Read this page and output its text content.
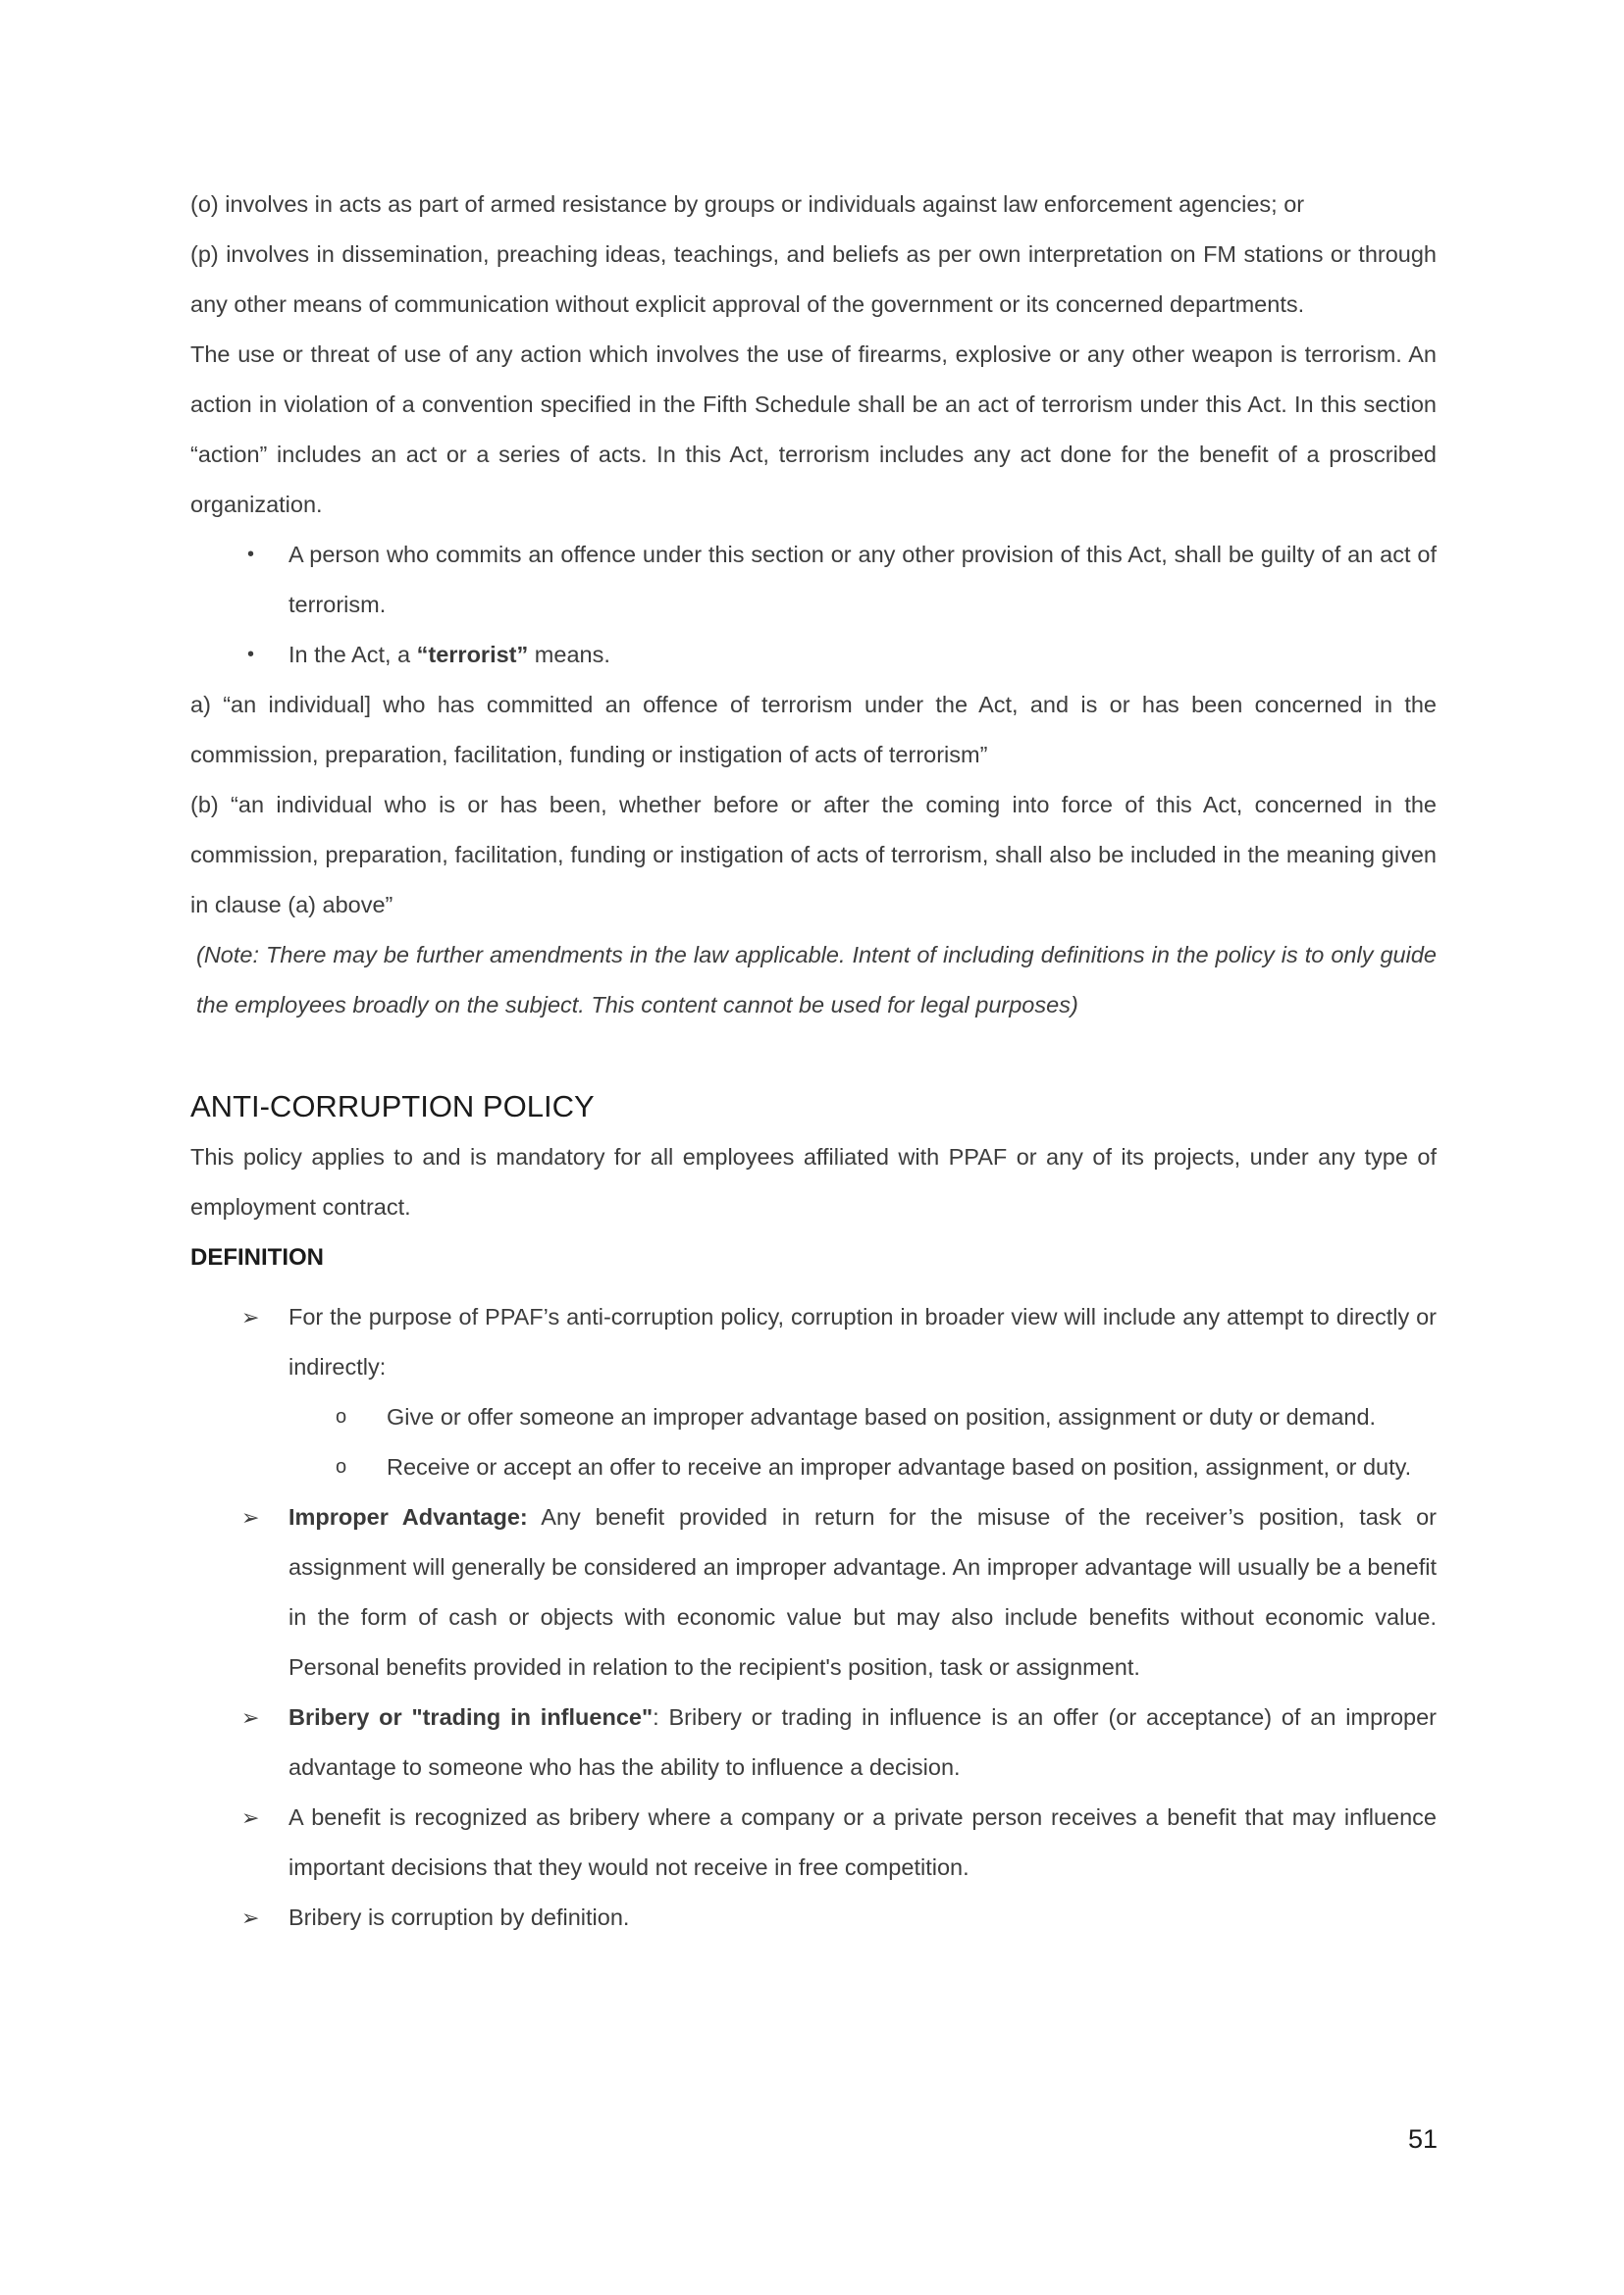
(o) involves in acts as part of armed resistance by groups or individuals against law enforcement agencies; or

(p) involves in dissemination, preaching ideas, teachings, and beliefs as per own interpretation on FM stations or through any other means of communication without explicit approval of the government or its concerned departments.

The use or threat of use of any action which involves the use of firearms, explosive or any other weapon is terrorism. An action in violation of a convention specified in the Fifth Schedule shall be an act of terrorism under this Act. In this section “action” includes an act or a series of acts. In this Act, terrorism includes any act done for the benefit of a proscribed organization.

• A person who commits an offence under this section or any other provision of this Act, shall be guilty of an act of terrorism.

• In the Act, a “terrorist” means.

a) “an individual] who has committed an offence of terrorism under the Act, and is or has been concerned in the commission, preparation, facilitation, funding or instigation of acts of terrorism”

(b) “an individual who is or has been, whether before or after the coming into force of this Act, concerned in the commission, preparation, facilitation, funding or instigation of acts of terrorism, shall also be included in the meaning given in clause (a) above”

(Note: There may be further amendments in the law applicable. Intent of including definitions in the policy is to only guide the employees broadly on the subject. This content cannot be used for legal purposes)

ANTI-CORRUPTION POLICY

This policy applies to and is mandatory for all employees affiliated with PPAF or any of its projects, under any type of employment contract.

DEFINITION

➢ For the purpose of PPAF’s anti-corruption policy, corruption in broader view will include any attempt to directly or indirectly:

o Give or offer someone an improper advantage based on position, assignment or duty or demand.

o Receive or accept an offer to receive an improper advantage based on position, assignment, or duty.

➢ Improper Advantage: Any benefit provided in return for the misuse of the receiver’s position, task or assignment will generally be considered an improper advantage. An improper advantage will usually be a benefit in the form of cash or objects with economic value but may also include benefits without economic value. Personal benefits provided in relation to the recipient's position, task or assignment.

➢ Bribery or "trading in influence": Bribery or trading in influence is an offer (or acceptance) of an improper advantage to someone who has the ability to influence a decision.

➢ A benefit is recognized as bribery where a company or a private person receives a benefit that may influence important decisions that they would not receive in free competition.

➢ Bribery is corruption by definition.

51
